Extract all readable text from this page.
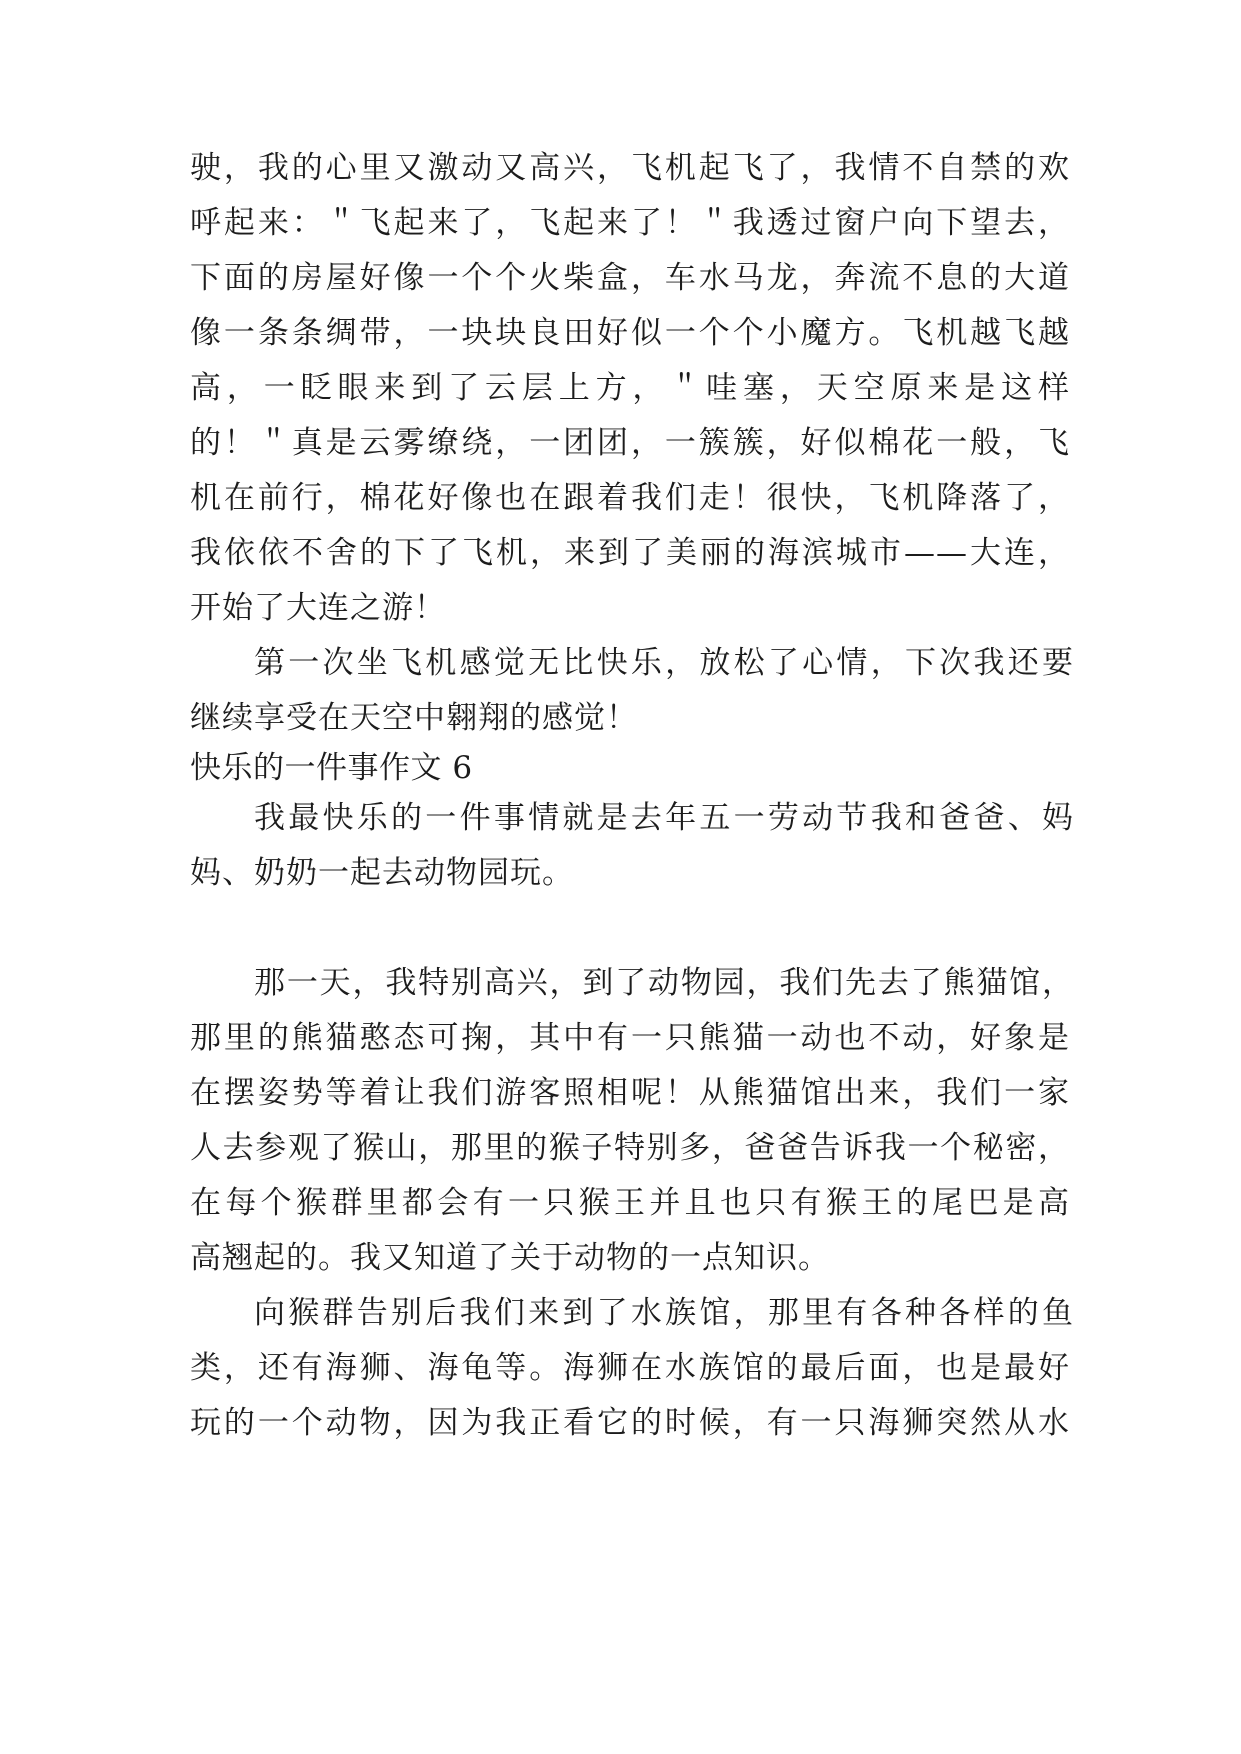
驶，我的心里又激动又高兴，飞机起飞了，我情不自禁的欢
呼起来：＂飞起来了，飞起来了！＂我透过窗户向下望去，
下面的房屋好像一个个火柴盒，车水马龙，奔流不息的大道
像一条条绸带，一块块良田好似一个个小魔方。飞机越飞越
高，一眨眼来到了云层上方，＂哇塞，天空原来是这样
的！＂真是云雾缭绕，一团团，一簇簇，好似棉花一般，飞
机在前行，棉花好像也在跟着我们走！很快，飞机降落了，
我依依不舍的下了飞机，来到了美丽的海滨城市——大连，
开始了大连之游！
第一次坐飞机感觉无比快乐，放松了心情，下次我还要
继续享受在天空中翱翔的感觉！
快乐的一件事作文 6
我最快乐的一件事情就是去年五一劳动节我和爸爸、妈
妈、奶奶一起去动物园玩。
那一天，我特别高兴，到了动物园，我们先去了熊猫馆，
那里的熊猫憨态可掬，其中有一只熊猫一动也不动，好象是
在摆姿势等着让我们游客照相呢！从熊猫馆出来，我们一家
人去参观了猴山，那里的猴子特别多，爸爸告诉我一个秘密，
在每个猴群里都会有一只猴王并且也只有猴王的尾巴是高
高翘起的。我又知道了关于动物的一点知识。
向猴群告别后我们来到了水族馆，那里有各种各样的鱼
类，还有海狮、海龟等。海狮在水族馆的最后面，也是最好
玩的一个动物，因为我正看它的时候，有一只海狮突然从水
